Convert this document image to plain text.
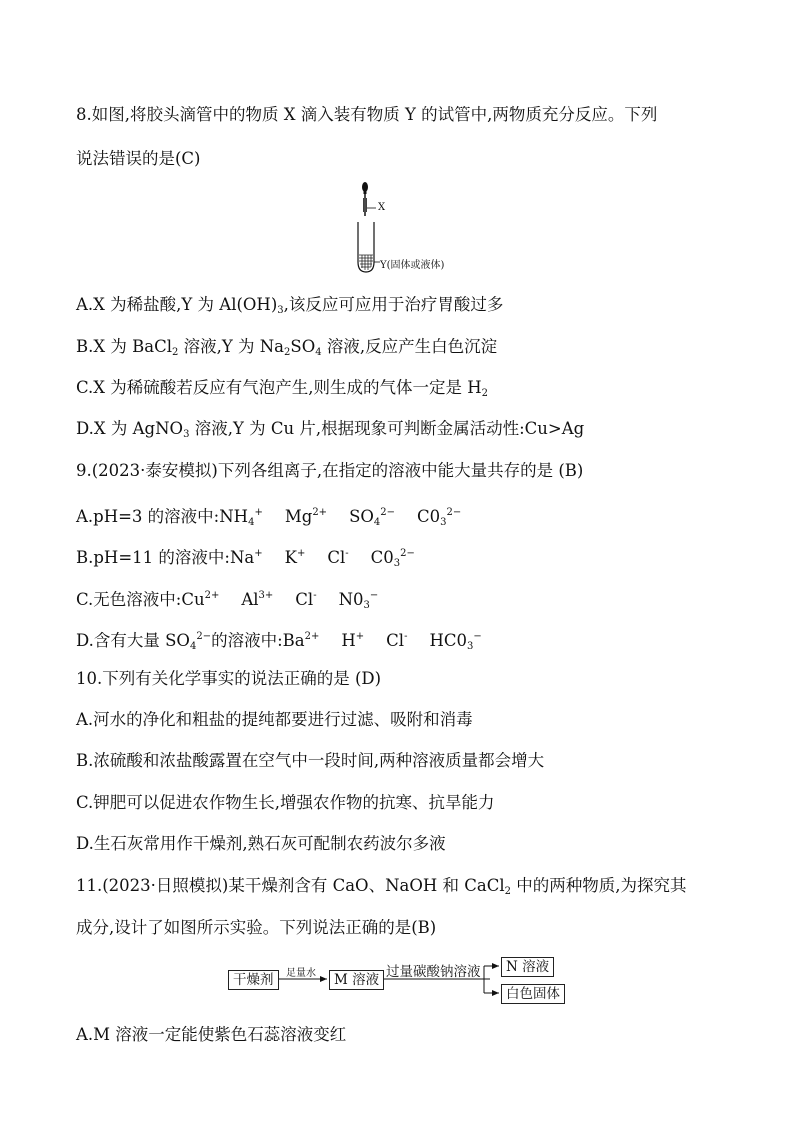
8.如图,将胶头滴管中的物质 X 滴入装有物质 Y 的试管中,两物质充分反应。下列
说法错误的是(C)
X
Y(固体或液体)
A.X 为稀盐酸,Y 为 $Al(OH)_3$,该反应可应用于治疗胃酸过多
B.X 为 BaCl$_2$ 溶液,Y 为 $Na_2SO_4$ 溶液,反应产生白色沉淀
C.X 为稀硫酸若反应有气泡产生,则生成的气体一定是 $H_2$
D.X 为 AgNO$_3$ 溶液,Y 为 Cu 片,根据现象可判断金属活动性:Cu>Ag
9.(2023·泰安模拟)下列各组离子,在指定的溶液中能大量共存的是 (B)
A.pH=3 的溶液中$:NH_4^+$ $Mg^{2+}$ $SO_4^{2-}$ $C0_3^{2-}$
B.pH=11 的溶液中:Na+ K+ Cl- $C0_3^{2-}$
C.无色溶液中$:Cu^{2+}$ $Al^{3+}$ Cl- $N0_3^-$
D.含有大量 $SO_4^{2-}$的溶液中$:Ba^{2+}$ H+ Cl- $HC0_3^-$
10.下列有关化学事实的说法正确的是 (D)
A.河水的净化和粗盐的提纯都要进行过滤、吸附和消毒
B.浓硫酸和浓盐酸露置在空气中一段时间,两种溶液质量都会增大
C.钾肥可以促进农作物生长,增强农作物的抗寒、抗旱能力
D.生石灰常用作干燥剂,熟石灰可配制农药波尔多液
11.(2023·日照模拟)某干燥剂含有 CaO、NaOH 和 CaCl$_2$ 中的两种物质,为探究其
成分,设计了如图所示实验。下列说法正确的是(B)
干燥剂	足量水	M 溶液 过量碳酸钠溶液	N 溶液
白色固体
A.M 溶液一定能使紫色石蕊溶液变红
